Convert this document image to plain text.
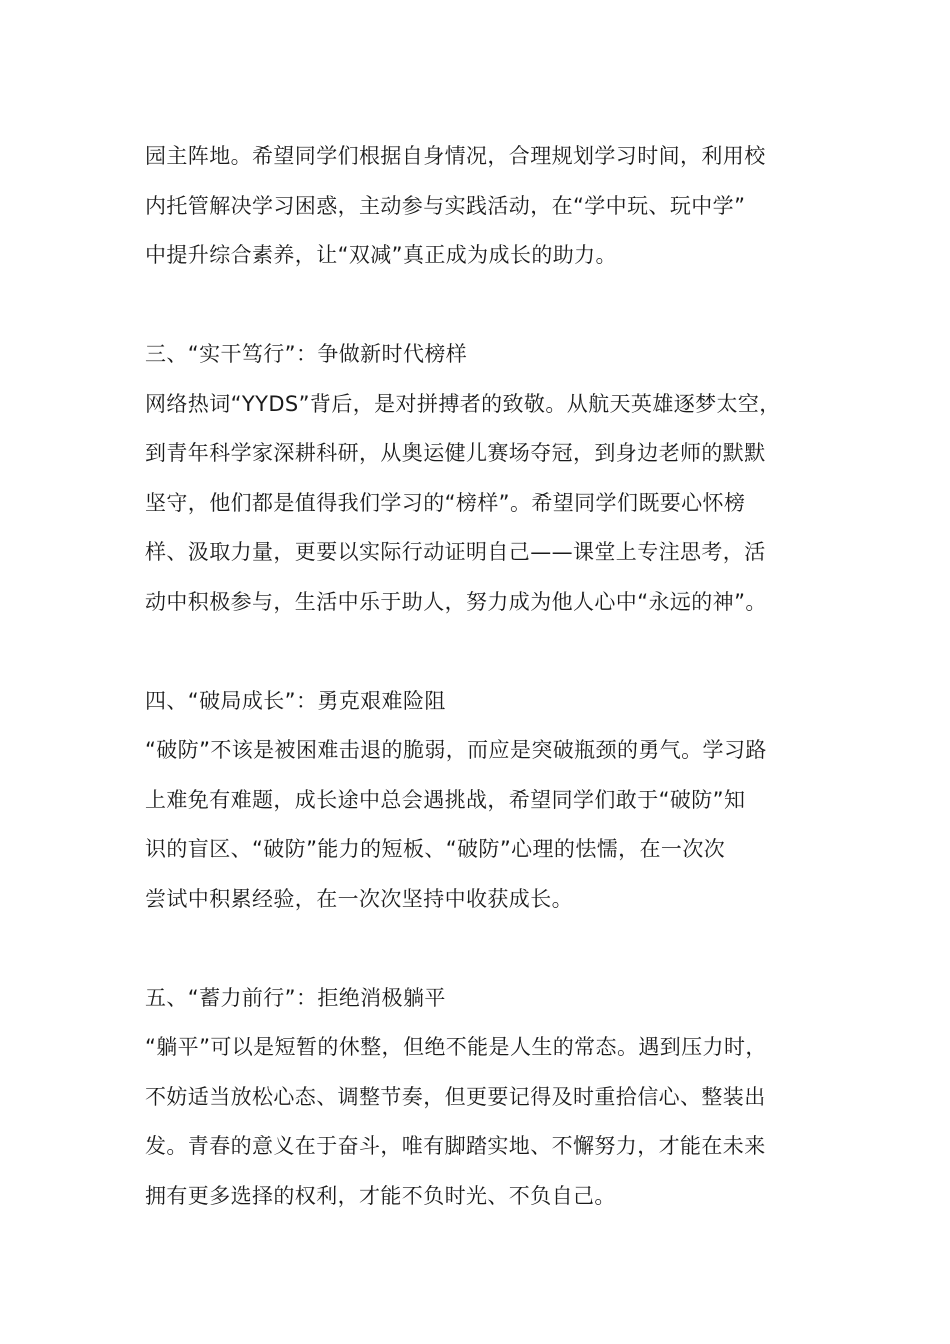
园主阵地。希望同学们根据自身情况，合理规划学习时间，利用校
内托管解决学习困惑，主动参与实践活动，在“学中玩、玩中学”
中提升综合素养，让“双减”真正成为成长的助力。
三、“实干笃行”：争做新时代榜样
网络热词“YYDS”背后，是对拼搏者的致敬。从航天英雄逐梦太空，
到青年科学家深耕科研，从奥运健儿赛场夺冠，到身边老师的默默
坚守，他们都是值得我们学习的“榜样”。希望同学们既要心怀榜
样、汲取力量，更要以实际行动证明自己——课堂上专注思考，活
动中积极参与，生活中乐于助人，努力成为他人心中“永远的神”。
四、“破局成长”：勇克艰难险阻
“破防”不该是被困难击退的脆弱，而应是突破瓶颈的勇气。学习路
上难免有难题，成长途中总会遇挑战，希望同学们敢于“破防”知
识的盲区、“破防”能力的短板、“破防”心理的怯懦，在一次次
尝试中积累经验，在一次次坚持中收获成长。
五、“蓄力前行”：拒绝消极躺平
“躺平”可以是短暂的休整，但绝不能是人生的常态。遇到压力时，
不妨适当放松心态、调整节奏，但更要记得及时重拾信心、整装出
发。青春的意义在于奋斗，唯有脚踏实地、不懈努力，才能在未来
拥有更多选择的权利，才能不负时光、不负自己。
